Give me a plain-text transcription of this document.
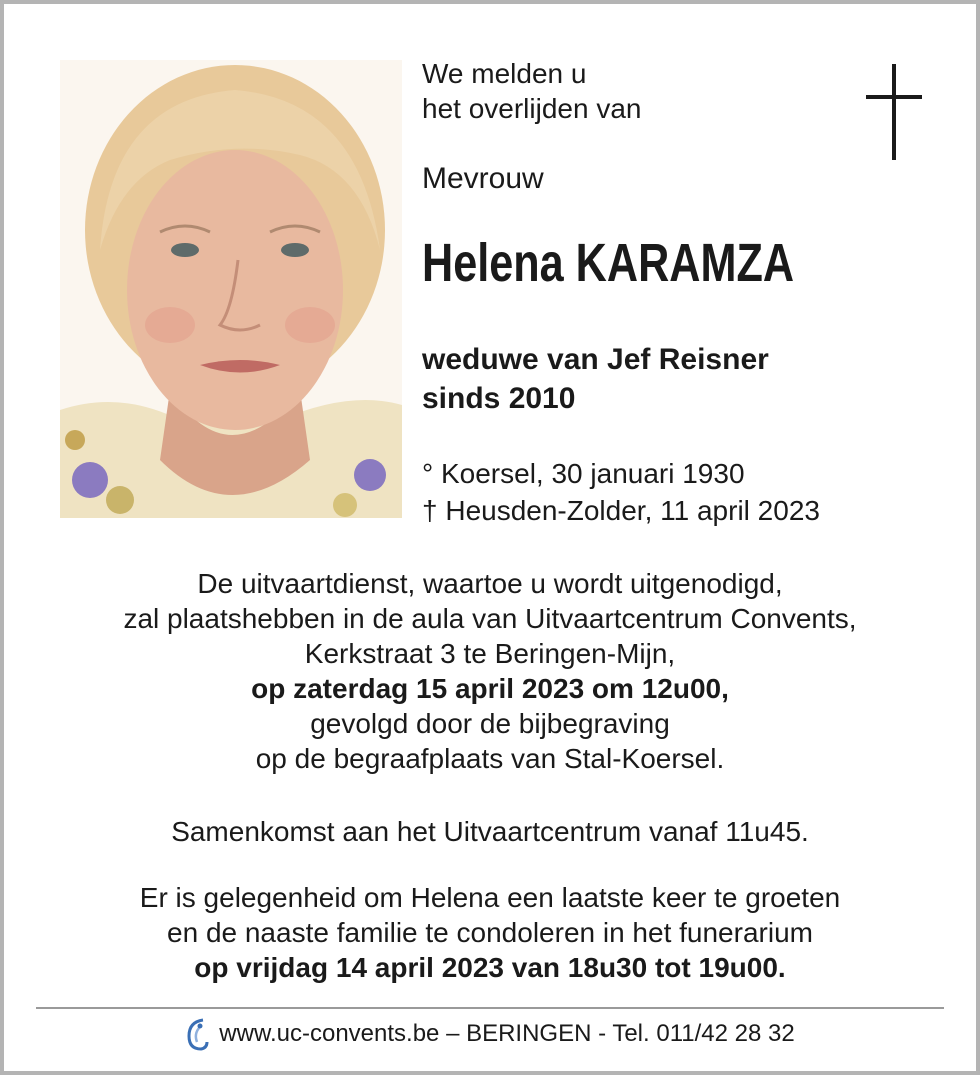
We melden u
het overlijden van
Mevrouw
Helena KARAMZA
weduwe van Jef Reisner
sinds 2010
° Koersel, 30 januari 1930
† Heusden-Zolder, 11 april 2023
De uitvaartdienst, waartoe u wordt uitgenodigd,
zal plaatshebben in de aula van Uitvaartcentrum Convents,
Kerkstraat 3 te Beringen-Mijn,
op zaterdag 15 april 2023 om 12u00,
gevolgd door de bijbegraving
op de begraafplaats van Stal-Koersel.
Samenkomst aan het Uitvaartcentrum vanaf 11u45.
Er is gelegenheid om Helena een laatste keer te groeten
en de naaste familie te condoleren in het funerarium
op vrijdag 14 april 2023 van 18u30 tot 19u00.
www.uc-convents.be – BERINGEN - Tel. 011/42 28 32
